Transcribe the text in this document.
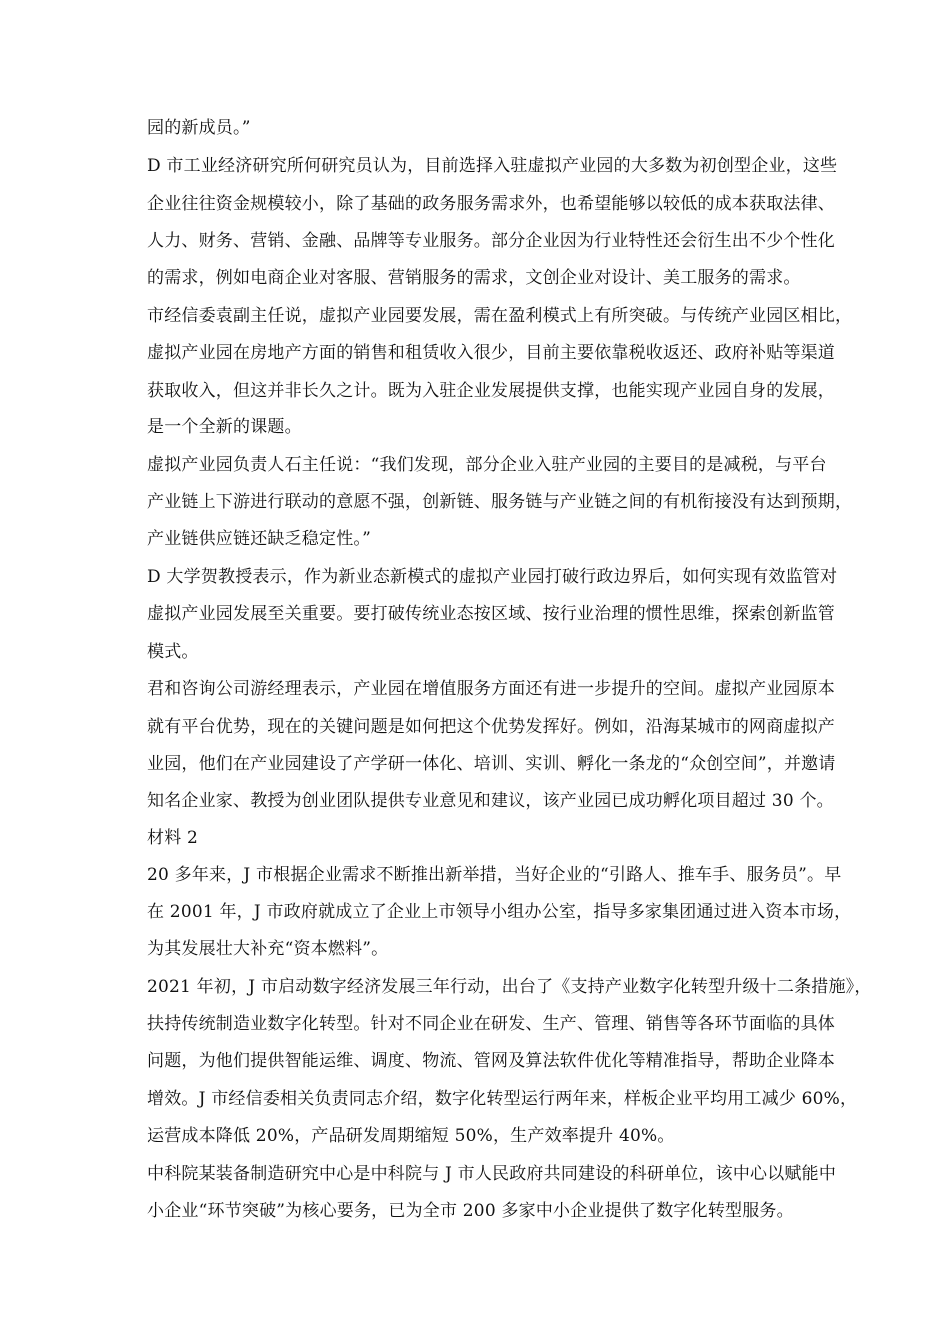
园的新成员。”
D 市工业经济研究所何研究员认为，目前选择入驻虚拟产业园的大多数为初创型企业，这些
企业往往资金规模较小，除了基础的政务服务需求外，也希望能够以较低的成本获取法律、
人力、财务、营销、金融、品牌等专业服务。部分企业因为行业特性还会衍生出不少个性化
的需求，例如电商企业对客服、营销服务的需求，文创企业对设计、美工服务的需求。
市经信委袁副主任说，虚拟产业园要发展，需在盈利模式上有所突破。与传统产业园区相比，
虚拟产业园在房地产方面的销售和租赁收入很少，目前主要依靠税收返还、政府补贴等渠道
获取收入，但这并非长久之计。既为入驻企业发展提供支撑，也能实现产业园自身的发展，
是一个全新的课题。
虚拟产业园负责人石主任说：“我们发现，部分企业入驻产业园的主要目的是减税，与平台
产业链上下游进行联动的意愿不强，创新链、服务链与产业链之间的有机衔接没有达到预期，
产业链供应链还缺乏稳定性。”
D 大学贺教授表示，作为新业态新模式的虚拟产业园打破行政边界后，如何实现有效监管对
虚拟产业园发展至关重要。要打破传统业态按区域、按行业治理的惯性思维，探索创新监管
模式。
君和咨询公司游经理表示，产业园在增值服务方面还有进一步提升的空间。虚拟产业园原本
就有平台优势，现在的关键问题是如何把这个优势发挥好。例如，沿海某城市的网商虚拟产
业园，他们在产业园建设了产学研一体化、培训、实训、孵化一条龙的“众创空间”，并邀请
知名企业家、教授为创业团队提供专业意见和建议，该产业园已成功孵化项目超过 30 个。
材料 2
20 多年来，J 市根据企业需求不断推出新举措，当好企业的“引路人、推车手、服务员”。早
在 2001 年，J 市政府就成立了企业上市领导小组办公室，指导多家集团通过进入资本市场，
为其发展壮大补充“资本燃料”。
2021 年初，J 市启动数字经济发展三年行动，出台了《支持产业数字化转型升级十二条措施》，
扶持传统制造业数字化转型。针对不同企业在研发、生产、管理、销售等各环节面临的具体
问题，为他们提供智能运维、调度、物流、管网及算法软件优化等精准指导，帮助企业降本
增效。J 市经信委相关负责同志介绍，数字化转型运行两年来，样板企业平均用工减少 60%，
运营成本降低 20%，产品研发周期缩短 50%，生产效率提升 40%。
中科院某装备制造研究中心是中科院与 J 市人民政府共同建设的科研单位，该中心以赋能中
小企业“环节突破”为核心要务，已为全市 200 多家中小企业提供了数字化转型服务。
